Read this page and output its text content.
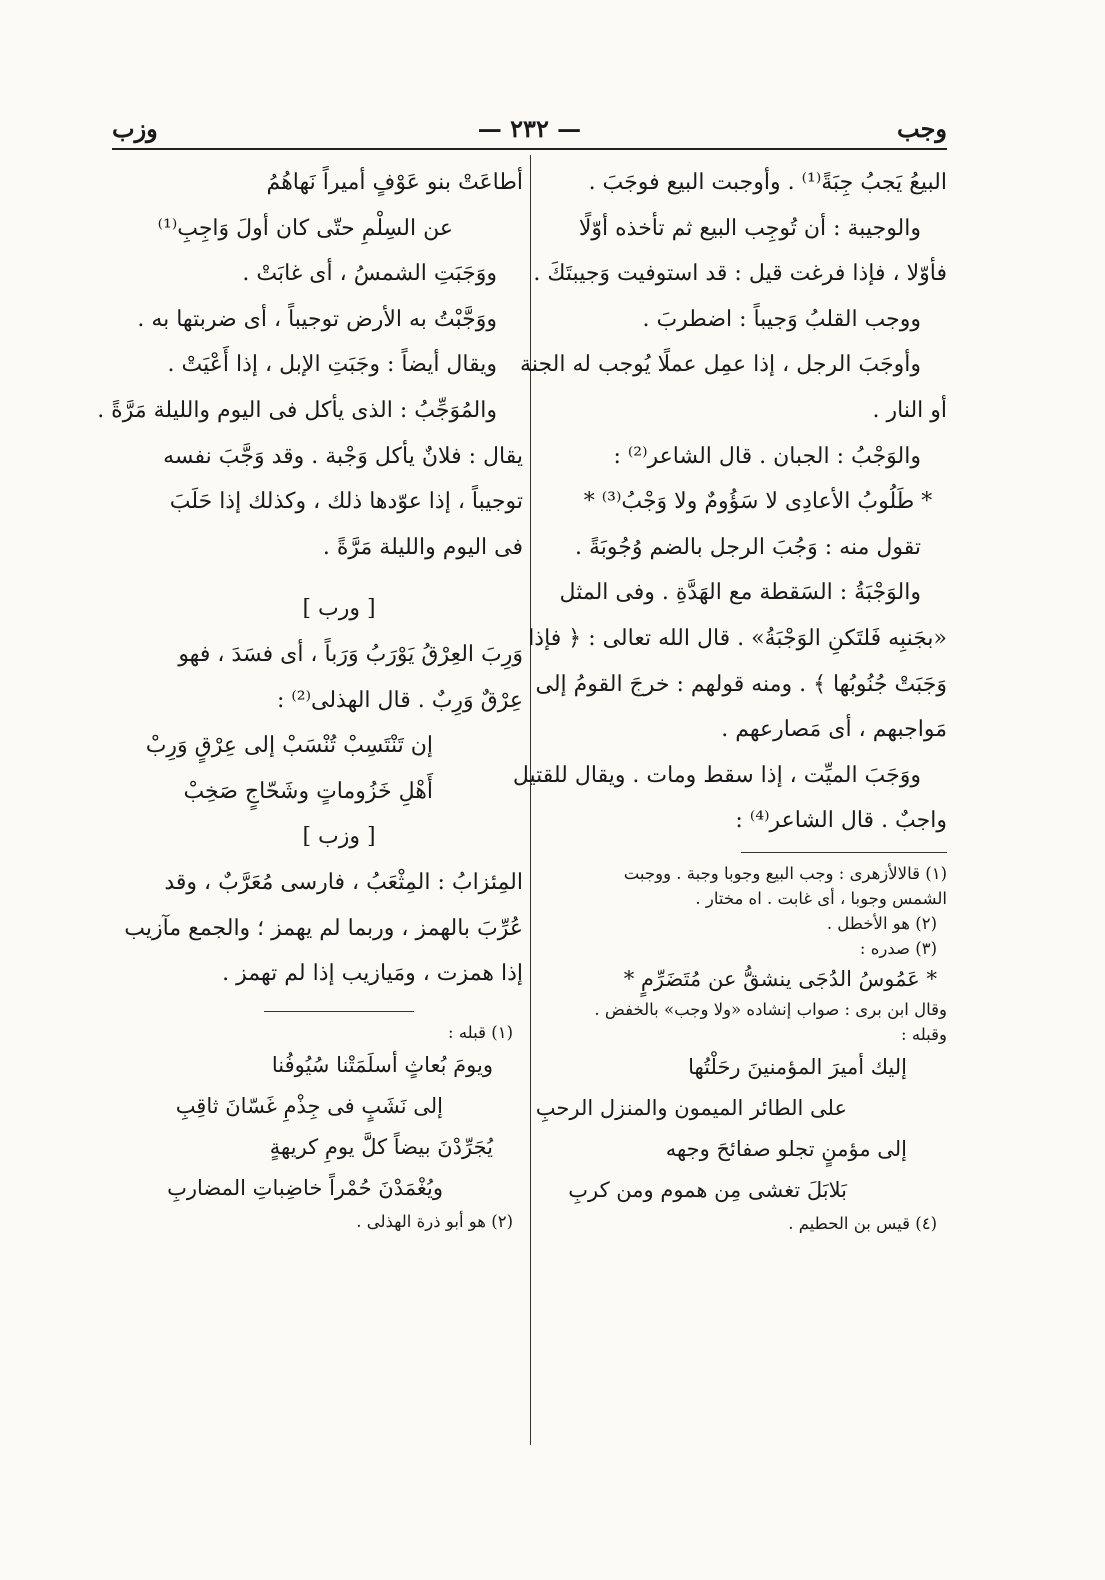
وجب
— ٢٣٢ —
وزب
البيعُ يَجبُ جِبَةً⁽¹⁾ . وأوجبت البيع فوجَبَ .
والوجيبة : أن تُوجِب البيع ثم تأخذه أوّلًا
فأوّلا ، فإذا فرغت قيل : قد استوفيت وَجيبتَكَ .
ووجب القلبُ وَجيباً : اضطربَ .
وأوجَبَ الرجل ، إذا عمِل عملًا يُوجب له الجنة
أو النار .
والوَجْبُ : الجبان . قال الشاعر⁽²⁾ :
* طَلُوبُ الأعادِى لا سَؤُومٌ ولا وَجْبُ⁽³⁾ *
تقول منه : وَجُبَ الرجل بالضم وُجُوبَةً .
والوَجْبَةُ : السَقطة مع الهَدَّةِ . وفى المثل
«بجَنبِه فَلتَكنِ الوَجْبَةُ» . قال الله تعالى : ﴿ فإذا
وَجَبَتْ جُنُوبُها ﴾ . ومنه قولهم : خرجَ القومُ إلى
مَواجبهم ، أى مَصارعهم .
ووَجَبَ الميِّت ، إذا سقط ومات . ويقال للقتيل
واجبٌ . قال الشاعر⁽⁴⁾ :
(١) قالالأزهرى : وجب البيع وجوبا وجبة . ووجبت
الشمس وجوبا ، أى غابت . اه مختار .
(٢) هو الأخطل .
(٣) صدره :
* عَمُوسُ الدُجَى ينشقُّ عن مُتَضَرِّمٍ *
وقال ابن برى : صواب إنشاده «ولا وجب» بالخفض .
وقبله :
إليك أميرَ المؤمنينَ رحَلْتُها
على الطائر الميمون والمنزل الرحبِ
إلى مؤمنٍ تجلو صفائحَ وجهه
بَلابَلَ تغشى مِن هموم ومن كربِ
(٤) قيس بن الحطيم .
أطاعَتْ بنو عَوْفٍ أميراً نَهاهُمُ
عن السِلْمِ حتّى كان أولَ وَاجِبِ⁽¹⁾
ووَجَبَتِ الشمسُ ، أى غابَتْ .
ووَجَّبْتُ به الأرض توجيباً ، أى ضربتها به .
ويقال أيضاً : وجَبَتِ الإبل ، إذا أَعْيَتْ .
والمُوَجِّبُ : الذى يأكل فى اليوم والليلة مَرَّةً .
يقال : فلانٌ يأكل وَجْبة . وقد وَجَّبَ نفسه
توجيباً ، إذا عوّدها ذلك ، وكذلك إذا حَلَبَ
فى اليوم والليلة مَرَّةً .
[ ورب ]
وَرِبَ العِرْقُ يَوْرَبُ وَرَباً ، أى فسَدَ ، فهو
عِرْقٌ وَرِبٌ . قال الهذلى⁽²⁾ :
إن تَنْتَسِبْ تُنْسَبْ إلى عِرْقٍ وَرِبْ
أَهْلِ خَزُوماتٍ وشَحّاجٍ صَخِبْ
[ وزب ]
المِئزابُ : المِثْعَبُ ، فارسى مُعَرَّبٌ ، وقد
عُرِّبَ بالهمز ، وربما لم يهمز ؛ والجمع مآزيب
إذا همزت ، ومَيازيب إذا لم تهمز .
(١) قبله :
ويومَ بُعاثٍ أسلَمَتْنا سُيُوفُنا
إلى نَشَبٍ فى جِذْمِ غَسّانَ ثاقِبِ
يُجَرِّدْنَ بيضاً كلَّ يومِ كريهةٍ
ويُغْمَدْنَ حُمْراً خاضِباتِ المضاربِ
(٢) هو أبو ذرة الهذلى .
